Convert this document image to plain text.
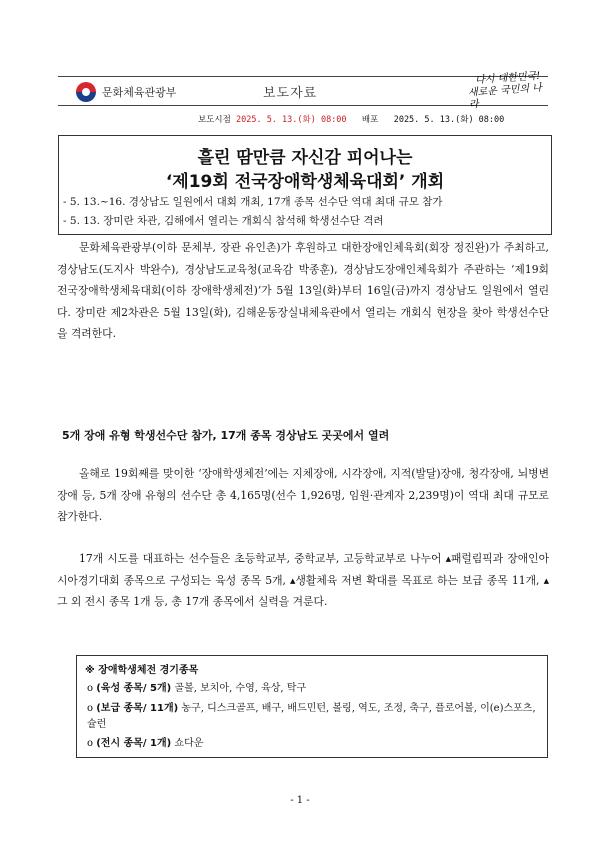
문화체육관광부	보도자료
다시 대한민국!
새로운 국민의 나라
보도시점 2025. 5. 13.(화) 08:00 배포 2025. 5. 13.(화) 08:00
흘린 땀만큼 자신감 피어나는
‘제19회 전국장애학생체육대회’ 개회
- 5. 13.~16. 경상남도 일원에서 대회 개최, 17개 종목 선수단 역대 최대 규모 참가
- 5. 13. 장미란 차관, 김해에서 열리는 개회식 참석해 학생선수단 격려

문화체육관광부(이하 문체부, 장관 유인촌)가 후원하고 대한장애인체육회(회장 정진완)가 주최하고, 경상남도(도지사 박완수), 경상남도교육청(교육감 박종훈), 경상남도장애인체육회가 주관하는 ‘제19회 전국장애학생체육대회(이하 장애학생체전)’가 5월 13일(화)부터 16일(금)까지 경상남도 일원에서 열린다. 장미란 제2차관은 5월 13일(화), 김해운동장실내체육관에서 열리는 개회식 현장을 찾아 학생선수단을 격려한다.

5개 장애 유형 학생선수단 참가, 17개 종목 경상남도 곳곳에서 열려

올해로 19회째를 맞이한 ‘장애학생체전’에는 지체장애, 시각장애, 지적(발달)장애, 청각장애, 뇌병변장애 등, 5개 장애 유형의 선수단 총 4,165명(선수 1,926명, 임원·관계자 2,239명)이 역대 최대 규모로 참가한다.

17개 시도를 대표하는 선수들은 초등학교부, 중학교부, 고등학교부로 나누어 ▴패럴림픽과 장애인아시아경기대회 종목으로 구성되는 육성 종목 5개, ▴생활체육 저변 확대를 목표로 하는 보급 종목 11개, ▴그 외 전시 종목 1개 등, 총 17개 종목에서 실력을 겨룬다.

※ 장애학생체전 경기종목
o (육성 종목/ 5개) 골볼, 보치아, 수영, 육상, 탁구
o (보급 종목/ 11개) 농구, 디스크골프, 배구, 배드민턴, 볼링, 역도, 조정, 축구, 플로어볼, 이(e)스포츠, 슐런
o (전시 종목/ 1개) 쇼다운
- 1 -
